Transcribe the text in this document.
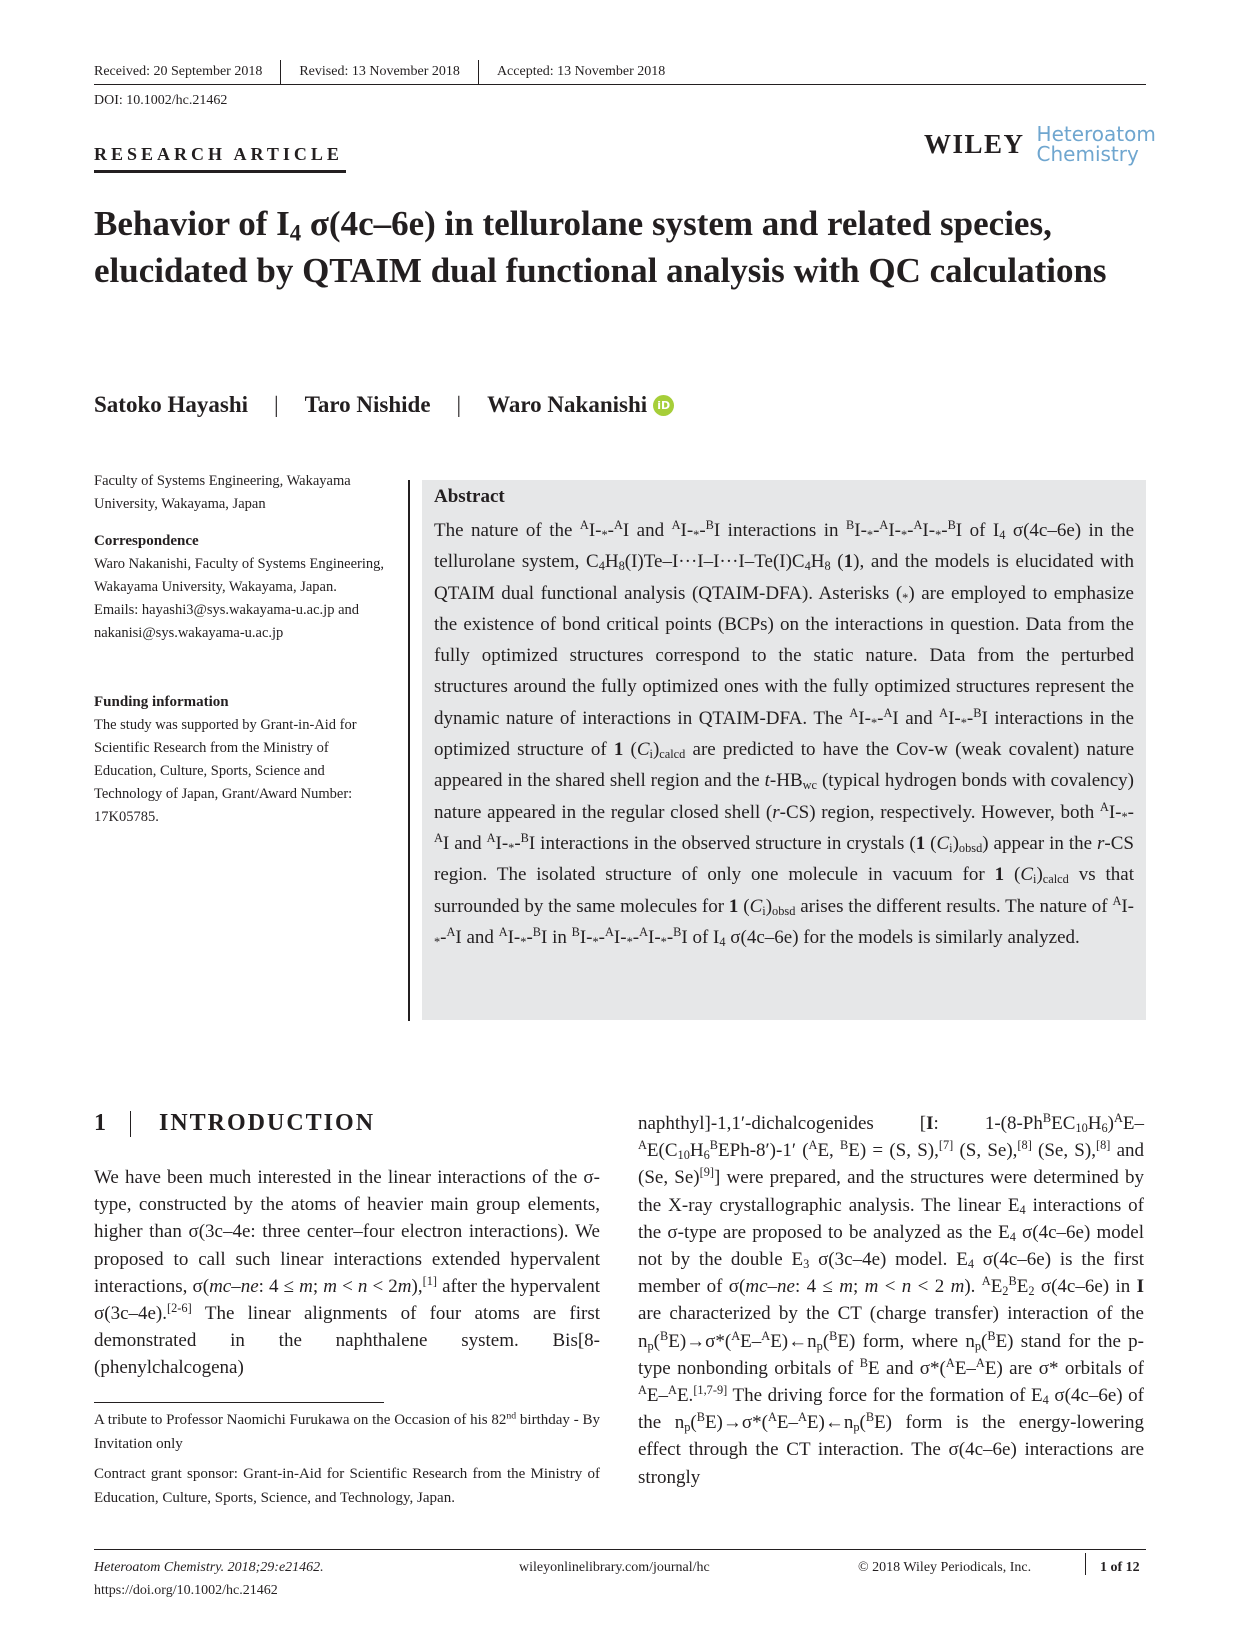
Received: 20 September 2018	Revised: 13 November 2018	Accepted: 13 November 2018
DOI: 10.1002/hc.21462
RESEARCH ARTICLE	WILEY Heteroatom
Chemistry
Behavior of $I_4$ σ(4c–6e) in tellurolane system and related species, elucidated by QTAIM dual functional analysis with QC calculations
Satoko Hayashi | Taro Nishide | Waro Nakanishi iD

Faculty of Systems Engineering, Wakayama University, Wakayama, Japan

Correspondence

Waro Nakanishi, Faculty of Systems Engineering, Wakayama University, Wakayama, Japan.

Emails: hayashi3@sys.wakayama-u.ac.jp and nakanisi@sys.wakayama-u.ac.jp

Funding information

The study was supported by Grant-in-Aid for Scientific Research from the Ministry of Education, Culture, Sports, Science and Technology of Japan, Grant/Award Number: 17K05785.

Abstract
The nature of the $^AI-_*-^AI$ and $^AI-_*-^BI$ interactions in $^BI-_*-^AI-_*-^AI-_*-^BI$ of $I_4$ σ(4c–6e) in the tellurolane system, $C_4H_8(I)Te-I\cdot\cdot\cdot I-I\cdot\cdot\cdot I-Te(I)C_4H_8$ (1), and the models is elucidated with QTAIM dual functional analysis (QTAIM-DFA). Asterisks $(_*)$ are employed to emphasize the existence of bond critical points (BCPs) on the interactions in question. Data from the fully optimized structures correspond to the static nature. Data from the perturbed structures around the fully optimized ones with the fully optimized structures represent the dynamic nature of interactions in QTAIM-DFA. The $^AI-_*-^AI$ and $^AI-_*-^BI$ interactions in the optimized structure of 1 $(C_i)_{calcd}$ are predicted to have the Cov-w (weak covalent) nature appeared in the shared shell region and the $t-HB_{wc}$ (typical hydrogen bonds with covalency) nature appeared in the regular closed shell (r-CS) region, respectively. However, both $^AI-_*-^AI$ and $^AI-_*-^BI$ interactions in the observed structure in crystals (1 $(C_i)_{obsd}$) appear in the r-CS region. The isolated structure of only one molecule in vacuum for 1 $(C_i)_{calcd}$ vs that surrounded by the same molecules for 1 $(C_i)_{obsd}$ arises the different results. The nature of $^AI-_*-^AI$ and $^AI-_*-^BI$ in $^BI-_*-^AI-_*-^AI-_*-^BI$ of $I_4$ σ(4c–6e) for the models is similarly analyzed.
1 INTRODUCTION
We have been much interested in the linear interactions of the σ-type, constructed by the atoms of heavier main group elements, higher than σ(3c–4e: three center–four electron interactions). We proposed to call such linear interactions extended hypervalent interactions, σ(mc–ne: 4 ≤ m; m < n < 2m),[1] after the hypervalent σ(3c–4e).[2-6] The linear alignments of four atoms are first demonstrated in the naphthalene system. Bis[8-(phenylchalcogena)
naphthyl]-1,1′-dichalcogenides [I: $1-(8-Ph^BEC_{10}H_6)^AE-^AE(C_{10}H_6^BEPh-8')-1'$ ($^A$E, $^B$E) = (S, S),[7] (S, Se),[8] (Se, S),[8] and (Se, Se)[9]] were prepared, and the structures were determined by the X-ray crystallographic analysis. The linear $E_4$ interactions of the σ-type are proposed to be analyzed as the $E_4$ σ(4c–6e) model not by the double $E_3$ σ(3c–4e) model. $E_4$ σ(4c–6e) is the first member of σ(mc–ne: 4 ≤ m; m < n < 2 m). $^AE_2^BE_2$ σ(4c–6e) in I are characterized by the CT (charge transfer) interaction of the $n_p(^BE)\to\sigma*(^AE-^AE)\leftarrow n_p(^BE)$ form, where $n_p(^BE)$ stand for the p-type nonbonding orbitals of $^B$E and σ*($^A$E–$^A$E) are σ* orbitals of $^A$E–$^A$E.[1,7-9] The driving force for the formation of $E_4$ σ(4c–6e) of the $n_p(^BE)\to\sigma*(^AE-^AE)\leftarrow n_p(^BE)$ form is the energy-lowering effect through the CT interaction. The σ(4c–6e) interactions are strongly
A tribute to Professor Naomichi Furukawa on the Occasion of his 82nd birthday - By Invitation only
Contract grant sponsor: Grant-in-Aid for Scientific Research from the Ministry of Education, Culture, Sports, Science, and Technology, Japan.
Heteroatom Chemistry. 2018;29:e21462.
https://doi.org/10.1002/hc.21462
wileyonlinelibrary.com/journal/hc	© 2018 Wiley Periodicals, Inc.	1 of 12
